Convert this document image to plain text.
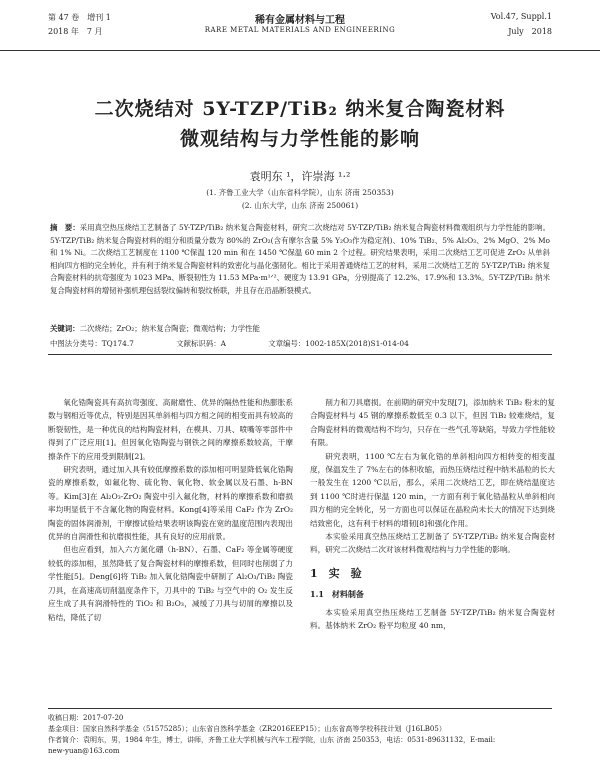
第 47 卷　增刊 1
2018 年　7 月
稀有金属材料与工程
RARE METAL MATERIALS AND ENGINEERING
Vol.47, Suppl.1
July　2018
二次烧结对 5Y-TZP/TiB₂ 纳米复合陶瓷材料
微观结构与力学性能的影响
袁明东 ¹，许崇海 ¹·²
(1. 齐鲁工业大学（山东省科学院），山东 济南 250353)
(2. 山东大学，山东 济南 250061)
摘　要：采用真空热压烧结工艺制备了 5Y-TZP/TiB₂ 纳米复合陶瓷材料，研究二次烧结对 5Y-TZP/TiB₂ 纳米复合陶瓷材料微观组织与力学性能的影响。5Y-TZP/TiB₂ 纳米复合陶瓷材料的组分和质量分数为 80%的 ZrO₂(含有摩尔含量 5% Y₂O₃作为稳定剂)、10% TiB₂、5% Al₂O₃、2% MgO、2% Mo 和 1% Ni。二次烧结工艺制度在 1100 ℃保温 120 min 和在 1450 ℃保温 60 min 2 个过程。研究结果表明，采用二次烧结工艺可促进 ZrO₂ 从单斜相向四方相的完全转化，并有利于纳米复合陶瓷材料的致密化与晶化强韧化。相比于采用普通烧结工艺的材料，采用二次烧结工艺的 5Y-TZP/TiB₂ 纳米复合陶瓷材料的抗弯强度为 1023 MPa、断裂韧性为 11.53 MPa·m¹ᐟ²、硬度为 13.91 GPa，分别提高了 12.2%、17.9%和 13.3%。5Y-TZP/TiB₂ 纳米复合陶瓷材料的增韧补强机理包括裂纹偏转和裂纹桥联，并且存在沿晶断裂模式。
关键词：二次烧结；ZrO₂；纳米复合陶瓷；微观结构；力学性能
中图法分类号：TQ174.7	文献标识码：A	文章编号：1002-185X(2018)S1-014-04

氧化锆陶瓷具有高抗弯强度、高耐磨性、优异的隔热性能和热膨胀系数与钢相近等优点，特别是因其单斜相与四方相之间的相变而具有较高的断裂韧性，是一种优良的结构陶瓷材料，在模具、刀具、喷嘴等零部件中得到了广泛应用[1]。但因氧化锆陶瓷与钢铁之间的摩擦系数较高，干摩擦条件下的应用受到限制[2]。

研究表明，通过加入具有较低摩擦系数的添加相可明显降低氧化锆陶瓷的摩擦系数，如氟化物、硫化物、氧化物、软金属以及石墨、h-BN 等。Kim[3]在 Al₂O₃-ZrO₂ 陶瓷中引入氟化物，材料的摩擦系数和磨损率均明显低于不含氟化物的陶瓷材料。Kong[4]等采用 CaF₂ 作为 ZrO₂ 陶瓷的固体润滑剂，干摩擦试验结果表明该陶瓷在宽的温度范围内表现出优异的自润滑性和抗磨损性能，具有良好的应用前景。

但也应看到，加入六方氮化硼（h-BN）、石墨、CaF₂ 等金属等硬度较低的添加相，虽然降低了复合陶瓷材料的摩擦系数，但同时也削弱了力学性能[5]。Deng[6]将 TiB₂ 加入氧化锆陶瓷中研制了 Al₂O₃/TiB₂ 陶瓷刀具，在高速高切削温度条件下，刀具中的 TiB₂ 与空气中的 O₂ 发生反应生成了具有润滑特性的 TiO₂ 和 B₂O₃，减缓了刀具与切屑的摩擦以及粘结，降低了切

削力和刀具磨损。在前期的研究中发现[7]，添加纳米 TiB₂ 粉末的复合陶瓷材料与 45 钢的摩擦系数低至 0.3 以下，但因 TiB₂ 较难烧结，复合陶瓷材料的微观结构不均匀，只存在一些气孔等缺陷，导致力学性能较有限。

研究表明，1100 ℃左右为氧化锆的单斜相向四方相转变的相变温度，保温发生了 7%左右的体积收缩，而热压烧结过程中纳米晶粒的长大一般发生在 1200 ℃以后，那么，采用二次烧结工艺，即在烧结温度达到 1100 ℃时进行保温 120 min，一方面有利于氧化锆晶粒从单斜相向四方相的完全转化，另一方面也可以保证在晶粒尚未长大的情况下达到烧结致密化，这有利于材料的增韧[8]和强化作用。

本实验采用真空热压烧结工艺制备了 5Y-TZP/TiB₂ 纳米复合陶瓷材料，研究二次烧结二次对该材料微观结构与力学性能的影响。

1　实　验
1.1　材料制备

本实验采用真空热压烧结工艺制备 5Y-TZP/TiB₂ 纳米复合陶瓷材料。基体纳米 ZrO₂ 粉平均粒度 40 nm，

收稿日期：2017-07-20
基金项目：国家自然科学基金（51575285）；山东省自然科学基金（ZR2016EEP15）；山东省高等学校科技计划（J16LB05）
作者简介：袁明东，男，1984 年生，博士，讲师，齐鲁工业大学机械与汽车工程学院，山东 济南 250353，电话：0531-89631132，E-mail:
new-yuan@163.com
